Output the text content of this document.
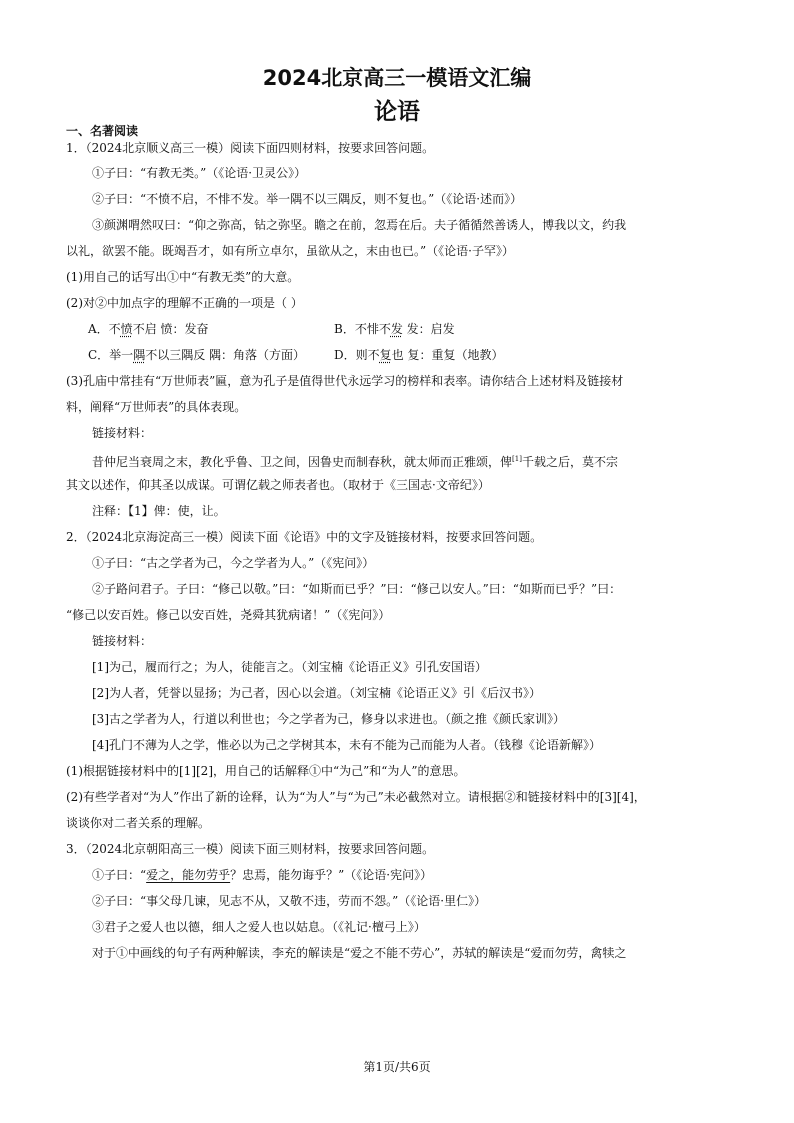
2024北京高三一模语文汇编
论语
一、名著阅读
1．（2024北京顺义高三一模）阅读下面四则材料，按要求回答问题。
①子曰：“有教无类。”（《论语·卫灵公》）
②子曰：“不愤不启，不悱不发。举一隅不以三隅反，则不复也。”（《论语·述而》）
③颜渊喟然叹曰：“仰之弥高，钻之弥坚。瞻之在前，忽焉在后。夫子循循然善诱人，博我以文，约我
以礼，欲罢不能。既竭吾才，如有所立卓尔，虽欲从之，末由也已。”（《论语·子罕》）
(1)用自己的话写出①中“有教无类”的大意。
(2)对②中加点字的理解不正确的一项是（ ）
A．不愤不启 愤：发奋	B．不悱不发 发：启发
C．举一隅不以三隅反 隅：角落（方面） D．则不复也 复：重复（地教）
(3)孔庙中常挂有“万世师表”匾，意为孔子是值得世代永远学习的榜样和表率。请你结合上述材料及链接材
料，阐释“万世师表”的具体表现。
链接材料：
昔仲尼当衰周之末，教化乎鲁、卫之间，因鲁史而制春秋，就太师而正雅颂，俾[1]千载之后，莫不宗
其文以述作，仰其圣以成谋。可谓亿载之师表者也。（取材于《三国志·文帝纪》）
注释：【1】俾：使，让。
2．（2024北京海淀高三一模）阅读下面《论语》中的文字及链接材料，按要求回答问题。
①子曰：“古之学者为己，今之学者为人。”（《宪问》）
②子路问君子。子曰：“修己以敬。”曰：“如斯而已乎？”曰：“修己以安人。”曰：“如斯而已乎？”曰：
“修己以安百姓。修己以安百姓，尧舜其犹病诸！”（《宪问》）
链接材料：
[1]为己，履而行之；为人，徒能言之。（刘宝楠《论语正义》引孔安国语）
[2]为人者，凭誉以显扬；为己者，因心以会道。（刘宝楠《论语正义》引《后汉书》）
[3]古之学者为人，行道以利世也；今之学者为己，修身以求进也。（颜之推《颜氏家训》）
[4]孔门不薄为人之学，惟必以为己之学树其本，未有不能为己而能为人者。（钱穆《论语新解》）
(1)根据链接材料中的[1][2]，用自己的话解释①中“为己”和“为人”的意思。
(2)有些学者对“为人”作出了新的诠释，认为“为人”与“为己”未必截然对立。请根据②和链接材料中的[3][4]，
谈谈你对二者关系的理解。
3．（2024北京朝阳高三一模）阅读下面三则材料，按要求回答问题。
①子曰：“爱之，能勿劳乎？忠焉，能勿诲乎？”（《论语·宪问》）
②子曰：“事父母几谏，见志不从，又敬不违，劳而不怨。”（《论语·里仁》）
③君子之爱人也以德，细人之爱人也以姑息。（《礼记·檀弓上》）
对于①中画线的句子有两种解读，李充的解读是“爱之不能不劳心”，苏轼的解读是“爱而勿劳，禽犊之
第1页/共6页
